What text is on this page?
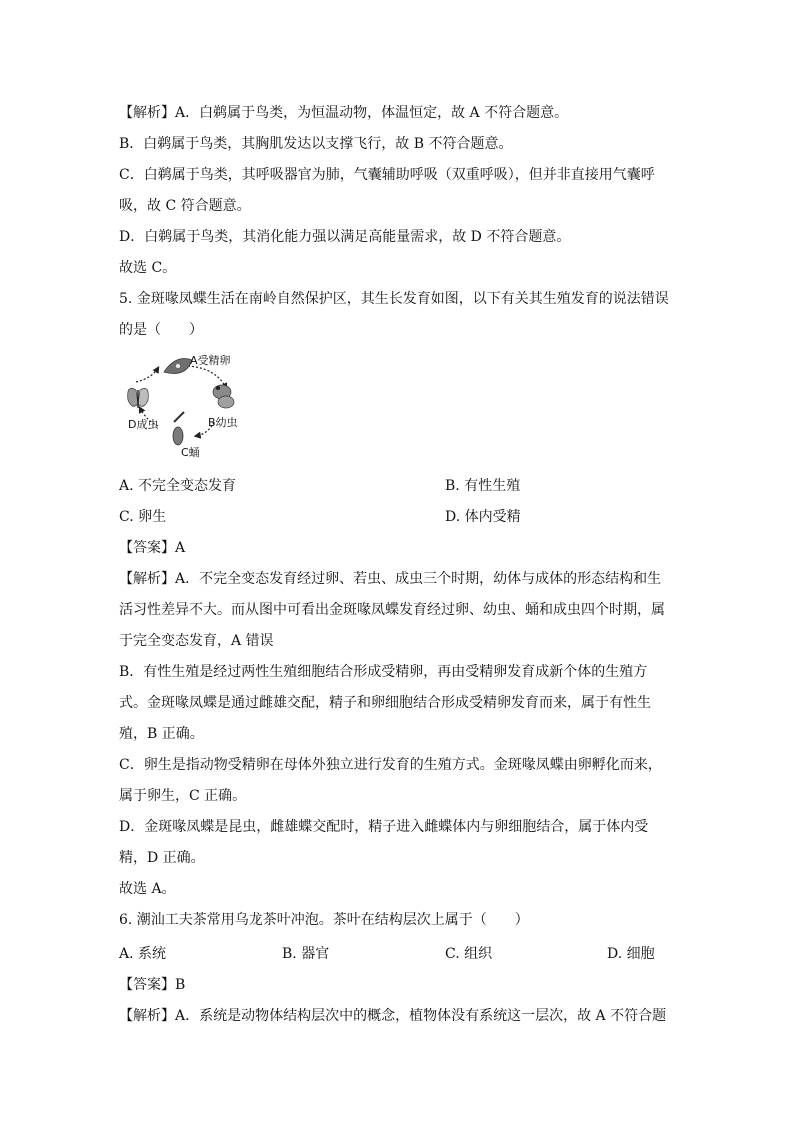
【解析】A．白鹈属于鸟类，为恒温动物，体温恒定，故 A 不符合题意。
B．白鹈属于鸟类，其胸肌发达以支撑飞行，故 B 不符合题意。
C．白鹈属于鸟类，其呼吸器官为肺，气囊辅助呼吸（双重呼吸），但并非直接用气囊呼
吸，故 C 符合题意。
D．白鹈属于鸟类，其消化能力强以满足高能量需求，故 D 不符合题意。
故选 C。
5. 金斑喙凤蝶生活在南岭自然保护区，其生长发育如图，以下有关其生殖发育的说法错误
的是（　　）
A受精卵
B幼虫
C蛹
D成虫
A. 不完全变态发育	B. 有性生殖
C. 卵生	D. 体内受精
【答案】A
【解析】A．不完全变态发育经过卵、若虫、成虫三个时期，幼体与成体的形态结构和生
活习性差异不大。而从图中可看出金斑喙凤蝶发育经过卵、幼虫、蛹和成虫四个时期，属
于完全变态发育，A 错误
B．有性生殖是经过两性生殖细胞结合形成受精卵，再由受精卵发育成新个体的生殖方
式。金斑喙凤蝶是通过雌雄交配，精子和卵细胞结合形成受精卵发育而来，属于有性生
殖，B 正确。
C．卵生是指动物受精卵在母体外独立进行发育的生殖方式。金斑喙凤蝶由卵孵化而来，
属于卵生，C 正确。
D．金斑喙凤蝶是昆虫，雌雄蝶交配时，精子进入雌蝶体内与卵细胞结合，属于体内受
精，D 正确。
故选 A。
6. 潮汕工夫茶常用乌龙茶叶冲泡。茶叶在结构层次上属于（　　）
A. 系统	B. 器官	C. 组织	D. 细胞
【答案】B
【解析】A．系统是动物体结构层次中的概念，植物体没有系统这一层次，故 A 不符合题
